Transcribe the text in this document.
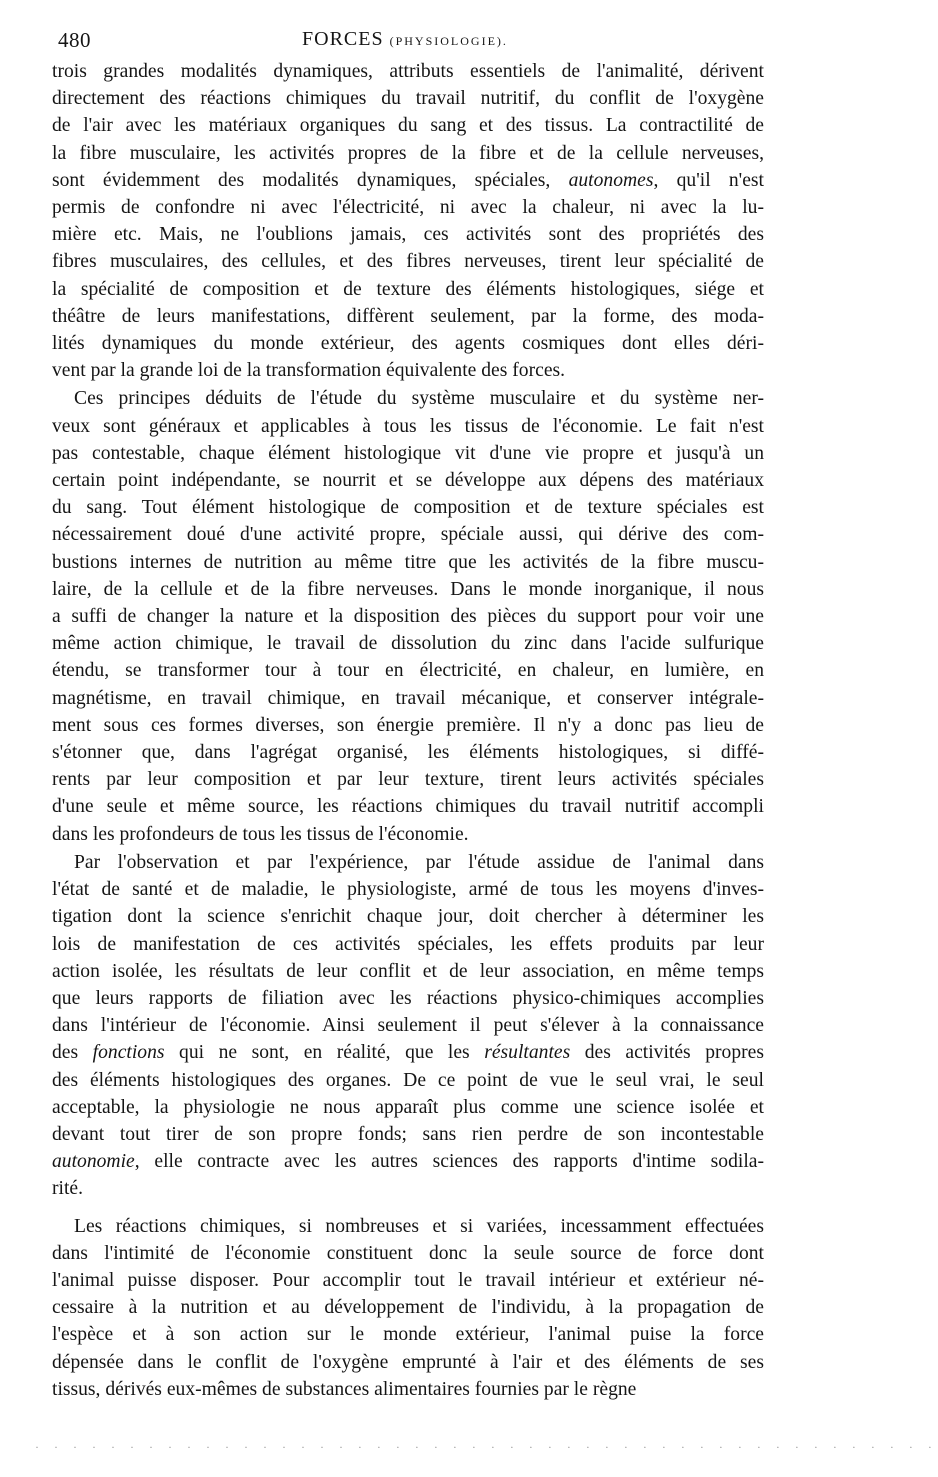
480	FORCES (PHYSIOLOGIE).
trois grandes modalités dynamiques, attributs essentiels de l'animalité, dérivent
directement des réactions chimiques du travail nutritif, du conflit de l'oxygène
de l'air avec les matériaux organiques du sang et des tissus. La contractilité de
la fibre musculaire, les activités propres de la fibre et de la cellule nerveuses,
sont évidemment des modalités dynamiques, spéciales, autonomes, qu'il n'est
permis de confondre ni avec l'électricité, ni avec la chaleur, ni avec la lu-
mière etc. Mais, ne l'oublions jamais, ces activités sont des propriétés des
fibres musculaires, des cellules, et des fibres nerveuses, tirent leur spécialité de
la spécialité de composition et de texture des éléments histologiques, siége et
théâtre de leurs manifestations, diffèrent seulement, par la forme, des moda-
lités dynamiques du monde extérieur, des agents cosmiques dont elles déri-
vent par la grande loi de la transformation équivalente des forces.
Ces principes déduits de l'étude du système musculaire et du système ner-
veux sont généraux et applicables à tous les tissus de l'économie. Le fait n'est
pas contestable, chaque élément histologique vit d'une vie propre et jusqu'à un
certain point indépendante, se nourrit et se développe aux dépens des matériaux
du sang. Tout élément histologique de composition et de texture spéciales est
nécessairement doué d'une activité propre, spéciale aussi, qui dérive des com-
bustions internes de nutrition au même titre que les activités de la fibre muscu-
laire, de la cellule et de la fibre nerveuses. Dans le monde inorganique, il nous
a suffi de changer la nature et la disposition des pièces du support pour voir une
même action chimique, le travail de dissolution du zinc dans l'acide sulfurique
étendu, se transformer tour à tour en électricité, en chaleur, en lumière, en
magnétisme, en travail chimique, en travail mécanique, et conserver intégrale-
ment sous ces formes diverses, son énergie première. Il n'y a donc pas lieu de
s'étonner que, dans l'agrégat organisé, les éléments histologiques, si diffé-
rents par leur composition et par leur texture, tirent leurs activités spéciales
d'une seule et même source, les réactions chimiques du travail nutritif accompli
dans les profondeurs de tous les tissus de l'économie.
Par l'observation et par l'expérience, par l'étude assidue de l'animal dans
l'état de santé et de maladie, le physiologiste, armé de tous les moyens d'inves-
tigation dont la science s'enrichit chaque jour, doit chercher à déterminer les
lois de manifestation de ces activités spéciales, les effets produits par leur
action isolée, les résultats de leur conflit et de leur association, en même temps
que leurs rapports de filiation avec les réactions physico-chimiques accomplies
dans l'intérieur de l'économie. Ainsi seulement il peut s'élever à la connaissance
des fonctions qui ne sont, en réalité, que les résultantes des activités propres
des éléments histologiques des organes. De ce point de vue le seul vrai, le seul
acceptable, la physiologie ne nous apparaît plus comme une science isolée et
devant tout tirer de son propre fonds; sans rien perdre de son incontestable
autonomie, elle contracte avec les autres sciences des rapports d'intime sodila-
rité.
Les réactions chimiques, si nombreuses et si variées, incessamment effectuées
dans l'intimité de l'économie constituent donc la seule source de force dont
l'animal puisse disposer. Pour accomplir tout le travail intérieur et extérieur né-
cessaire à la nutrition et au développement de l'individu, à la propagation de
l'espèce et à son action sur le monde extérieur, l'animal puise la force
dépensée dans le conflit de l'oxygène emprunté à l'air et des éléments de ses
tissus, dérivés eux-mêmes de substances alimentaires fournies par le règne
· · · · · · · · · · · · · · · · · · · · · · · · · · · · · · · · · · · · · · · · · · · · · · · ·
